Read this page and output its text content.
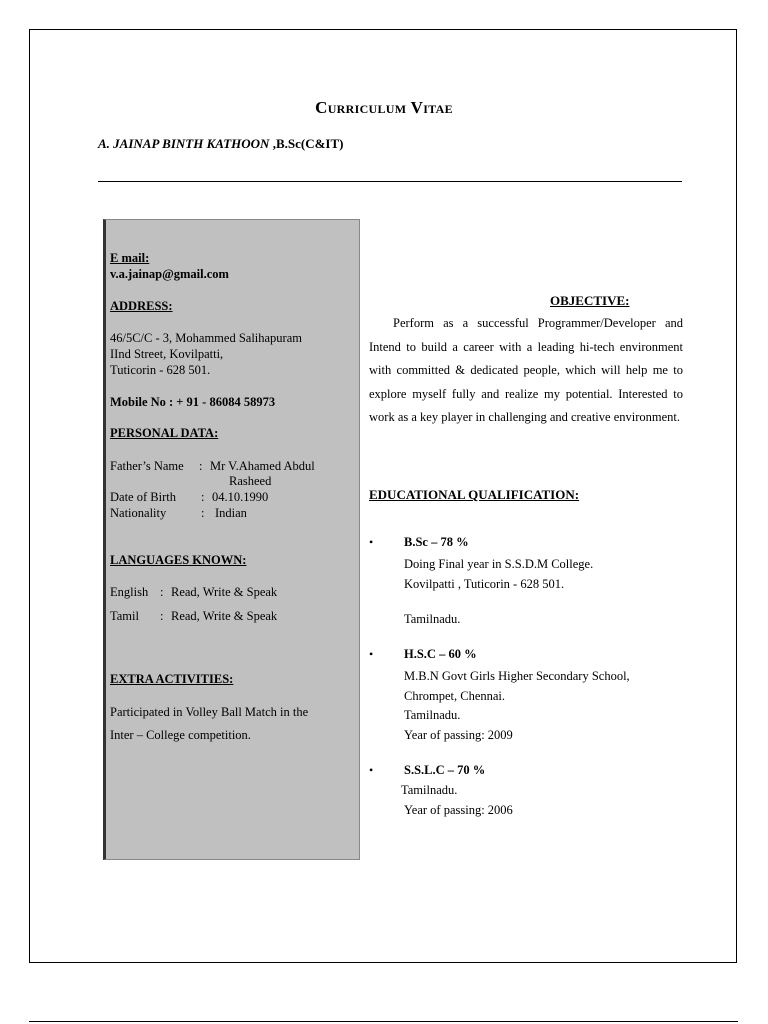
Curriculum Vitae
A. JAINAP BINTH KATHOON ,B.Sc(C&IT)
E mail:
v.a.jainap@gmail.com
ADDRESS:
46/5C/C - 3, Mohammed Salihapuram
IInd Street, Kovilpatti,
Tuticorin - 628 501.
Mobile No : + 91 - 86084 58973
PERSONAL DATA:
Father’s Name : Mr V.Ahamed Abdul
Rasheed
Date of Birth : 04.10.1990
Nationality	: Indian
LANGUAGES KNOWN:
English : Read, Write & Speak
Tamil : Read, Write & Speak
EXTRA ACTIVITIES:
Participated in Volley Ball Match in the
Inter – College competition.
OBJECTIVE:
Perform as a successful Programmer/Developer and Intend to build a career with a leading hi-tech environment with committed & dedicated people, which will help me to explore myself fully and realize my potential. Interested to work as a key player in challenging and creative environment.
EDUCATIONAL QUALIFICATION:
• B.Sc – 78 %
Doing Final year in S.S.D.M College.
Kovilpatti , Tuticorin - 628 501.
Tamilnadu.
• H.S.C – 60 %
M.B.N Govt Girls Higher Secondary School,
Chrompet, Chennai.
Tamilnadu.
Year of passing: 2009
• S.S.L.C – 70 %
Tamilnadu.
Year of passing: 2006
